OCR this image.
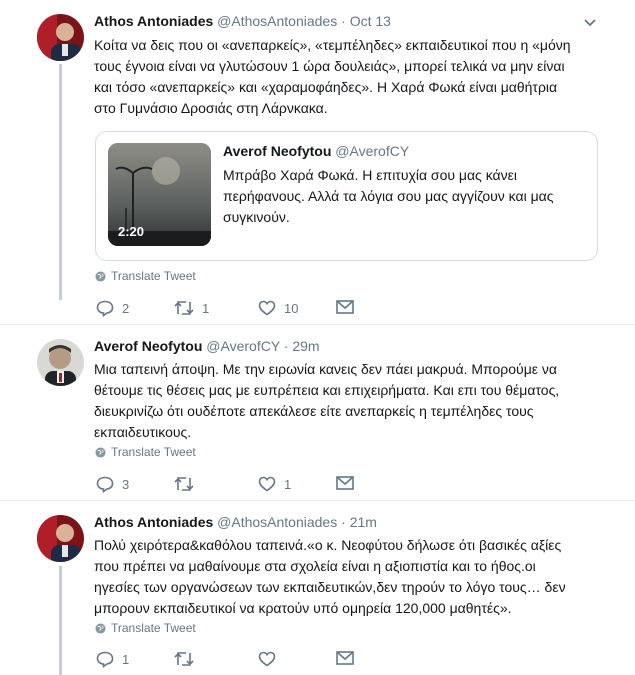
Athos Antoniades @AthosAntoniades · Oct 13
Κοίτα να δεις που οι «ανεπαρκείς», «τεμπέληδες» εκπαιδευτικοί που η «μόνη
τους έγνοια είναι να γλυτώσουν 1 ώρα δουλειάς», μπορεί τελικά να μην είναι
και τόσο «ανεπαρκείς» και «χαραμοφάηδες». Η Χαρά Φωκά είναι μαθήτρια
στο Γυμνάσιο Δροσιάς στη Λάρνκακα.
2:20
Averof Neofytou @AverofCY
Μπράβο Χαρά Φωκά. Η επιτυχία σου μας κάνει
περήφανους. Αλλά τα λόγια σου μας αγγίζουν και μας
συγκινούν.
Translate Tweet
2	1	10
Averof Neofytou @AverofCY · 29m
Μια ταπεινή άποψη. Με την ειρωνία κανεις δεν πάει μακρυά. Μπορούμε να
θέτουμε τις θέσεις μας με ευπρέπεια και επιχειρήματα. Και επι του θέματος,
διευκρινίζω ότι ουδέποτε απεκάλεσε είτε ανεπαρκείς η τεμπέληδες τους
εκπαιδευτικους.
Translate Tweet
3	1
Athos Antoniades @AthosAntoniades · 21m
Πολύ χειρότερα&καθόλου ταπεινά.«ο κ. Νεοφύτου δήλωσε ότι βασικές αξίες
που πρέπει να μαθαίνουμε στα σχολεία είναι η αξιοπιστία και το ήθος.οι
ηγεσίες των οργανώσεων των εκπαιδευτικών,δεν τηρούν το λόγο τους… δεν
μπορουν εκπαιδευτικοί να κρατούν υπό ομηρεία 120,000 μαθητές».
Translate Tweet
1
